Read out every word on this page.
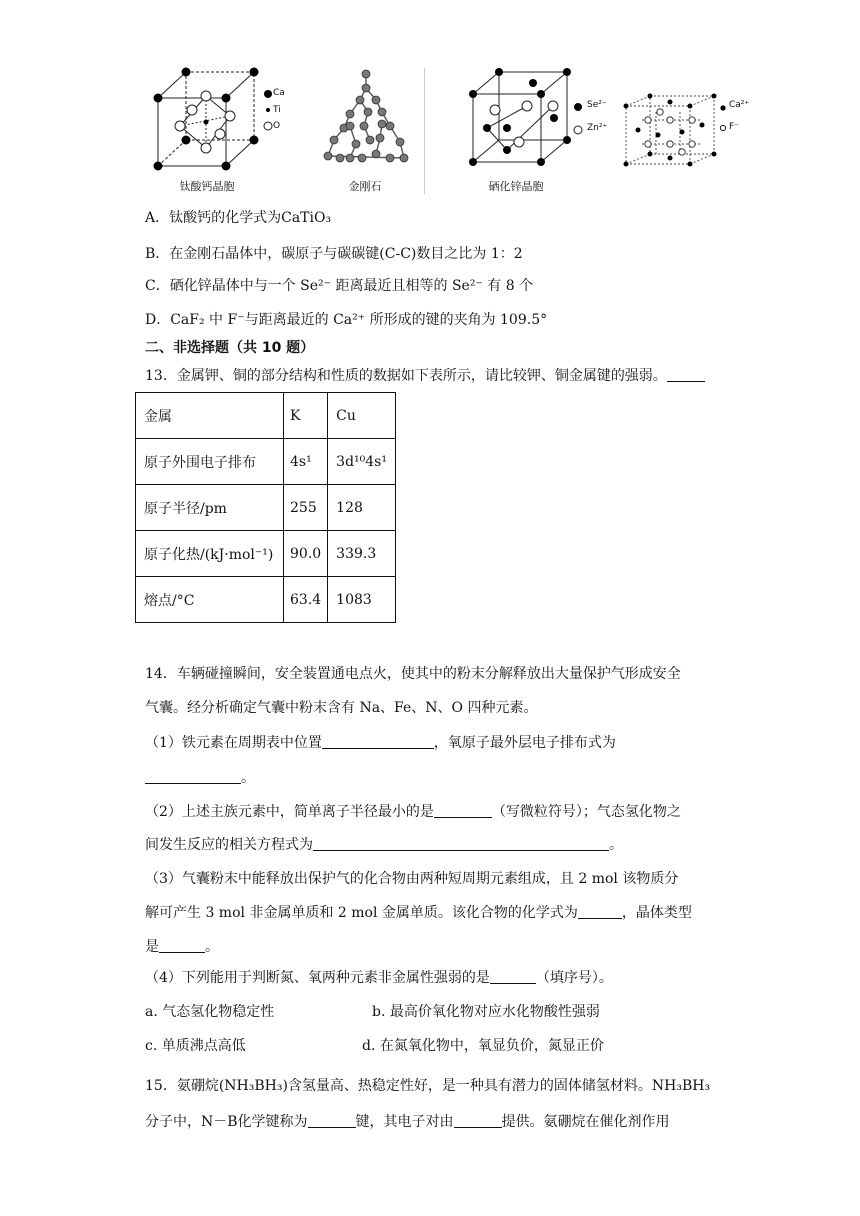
Ca
Ti
O
钛酸钙晶胞	金刚石
Se²⁻
Zn²⁺
硒化锌晶胞
Ca²⁺
F⁻
A．钛酸钙的化学式为CaTiO₃
B．在金刚石晶体中，碳原子与碳碳键(C-C)数目之比为 1：2
C．硒化锌晶体中与一个 Se²⁻ 距离最近且相等的 Se²⁻ 有 8 个
D．CaF₂ 中 F⁻与距离最近的 Ca²⁺ 所形成的键的夹角为 109.5°
二、非选择题（共 10 题）
13．金属钾、铜的部分结构和性质的数据如下表所示，请比较钾、铜金属键的强弱。
金属	K	Cu
原子外围电子排布	4s¹	3d¹⁰4s¹
原子半径/pm	255	128
原子化热/(kJ·mol⁻¹)	90.0	339.3
熔点/°C	63.4	1083
14．车辆碰撞瞬间，安全装置通电点火，使其中的粉末分解释放出大量保护气形成安全
气囊。经分析确定气囊中粉末含有 Na、Fe、N、O 四种元素。
（1）铁元素在周期表中位置	，氧原子最外层电子排布式为
。
（2）上述主族元素中，简单离子半径最小的是	（写微粒符号）；气态氢化物之
间发生反应的相关方程式为	。
（3）气囊粉末中能释放出保护气的化合物由两种短周期元素组成，且 2 mol 该物质分
解可产生 3 mol 非金属单质和 2 mol 金属单质。该化合物的化学式为	，晶体类型
是	。
（4）下列能用于判断氮、氧两种元素非金属性强弱的是	（填序号）。
a. 气态氢化物稳定性	b. 最高价氧化物对应水化物酸性强弱
c. 单质沸点高低	d. 在氮氧化物中，氧显负价，氮显正价
15．氨硼烷(NH₃BH₃)含氢量高、热稳定性好，是一种具有潜力的固体储氢材料。NH₃BH₃
分子中，N－B化学键称为	键，其电子对由	提供。氨硼烷在催化剂作用
